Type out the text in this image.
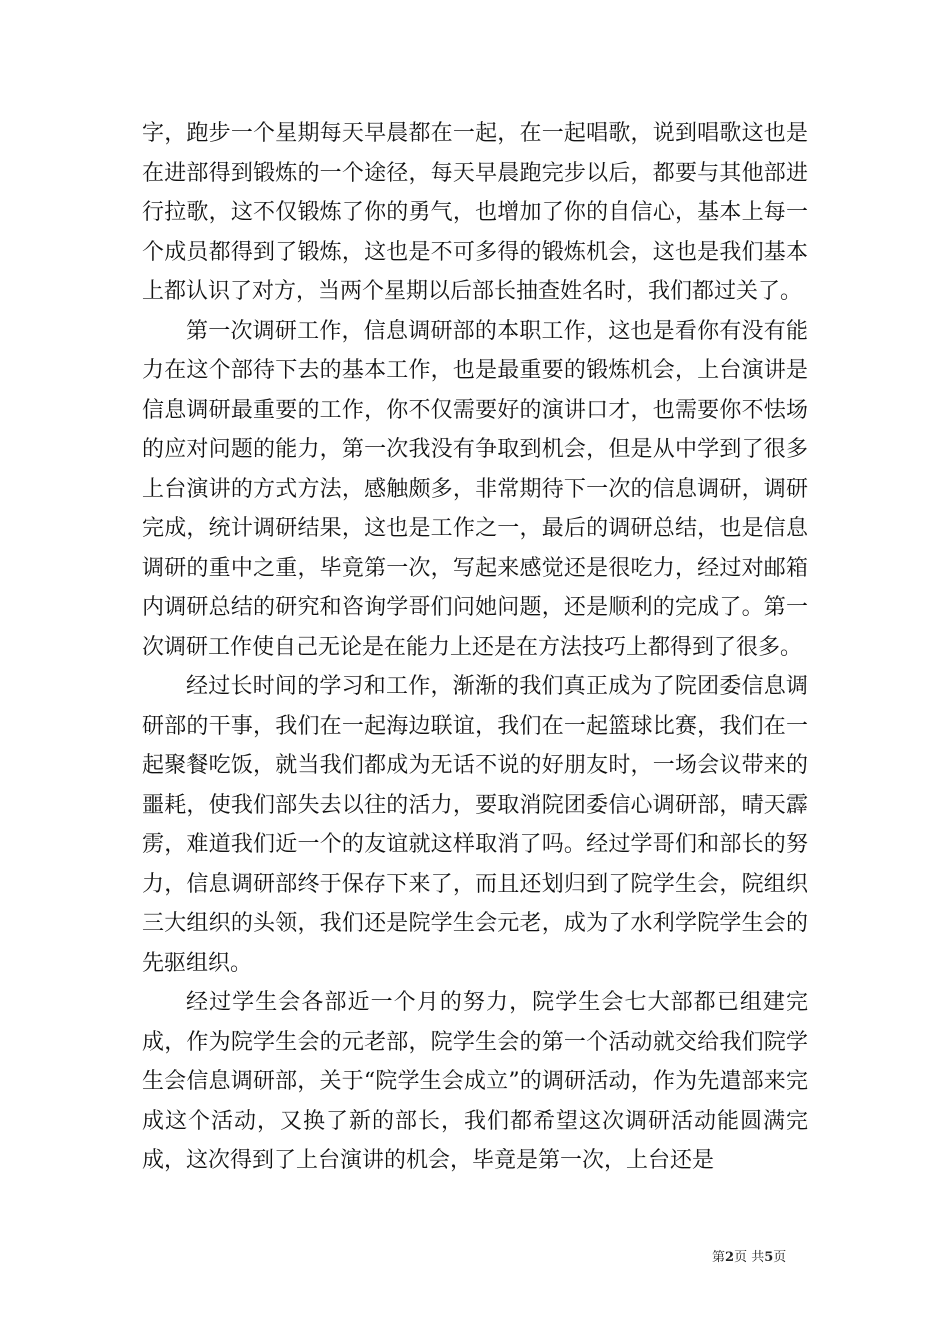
字，跑步一个星期每天早晨都在一起，在一起唱歌，说到唱歌这也是在进部得到锻炼的一个途径，每天早晨跑完步以后，都要与其他部进行拉歌，这不仅锻炼了你的勇气，也增加了你的自信心，基本上每一个成员都得到了锻炼，这也是不可多得的锻炼机会，这也是我们基本上都认识了对方，当两个星期以后部长抽查姓名时，我们都过关了。

第一次调研工作，信息调研部的本职工作，这也是看你有没有能力在这个部待下去的基本工作，也是最重要的锻炼机会，上台演讲是信息调研最重要的工作，你不仅需要好的演讲口才，也需要你不怯场的应对问题的能力，第一次我没有争取到机会，但是从中学到了很多上台演讲的方式方法，感触颇多，非常期待下一次的信息调研，调研完成，统计调研结果，这也是工作之一，最后的调研总结，也是信息调研的重中之重，毕竟第一次，写起来感觉还是很吃力，经过对邮箱内调研总结的研究和咨询学哥们问她问题，还是顺利的完成了。第一次调研工作使自己无论是在能力上还是在方法技巧上都得到了很多。

经过长时间的学习和工作，渐渐的我们真正成为了院团委信息调研部的干事，我们在一起海边联谊，我们在一起篮球比赛，我们在一起聚餐吃饭，就当我们都成为无话不说的好朋友时，一场会议带来的噩耗，使我们部失去以往的活力，要取消院团委信心调研部，晴天霹雳，难道我们近一个的友谊就这样取消了吗。经过学哥们和部长的努力，信息调研部终于保存下来了，而且还划归到了院学生会，院组织三大组织的头领，我们还是院学生会元老，成为了水利学院学生会的先驱组织。

经过学生会各部近一个月的努力，院学生会七大部都已组建完成，作为院学生会的元老部，院学生会的第一个活动就交给我们院学生会信息调研部，关于“院学生会成立”的调研活动，作为先遣部来完成这个活动，又换了新的部长，我们都希望这次调研活动能圆满完成，这次得到了上台演讲的机会，毕竟是第一次，上台还是

第2页 共5页
